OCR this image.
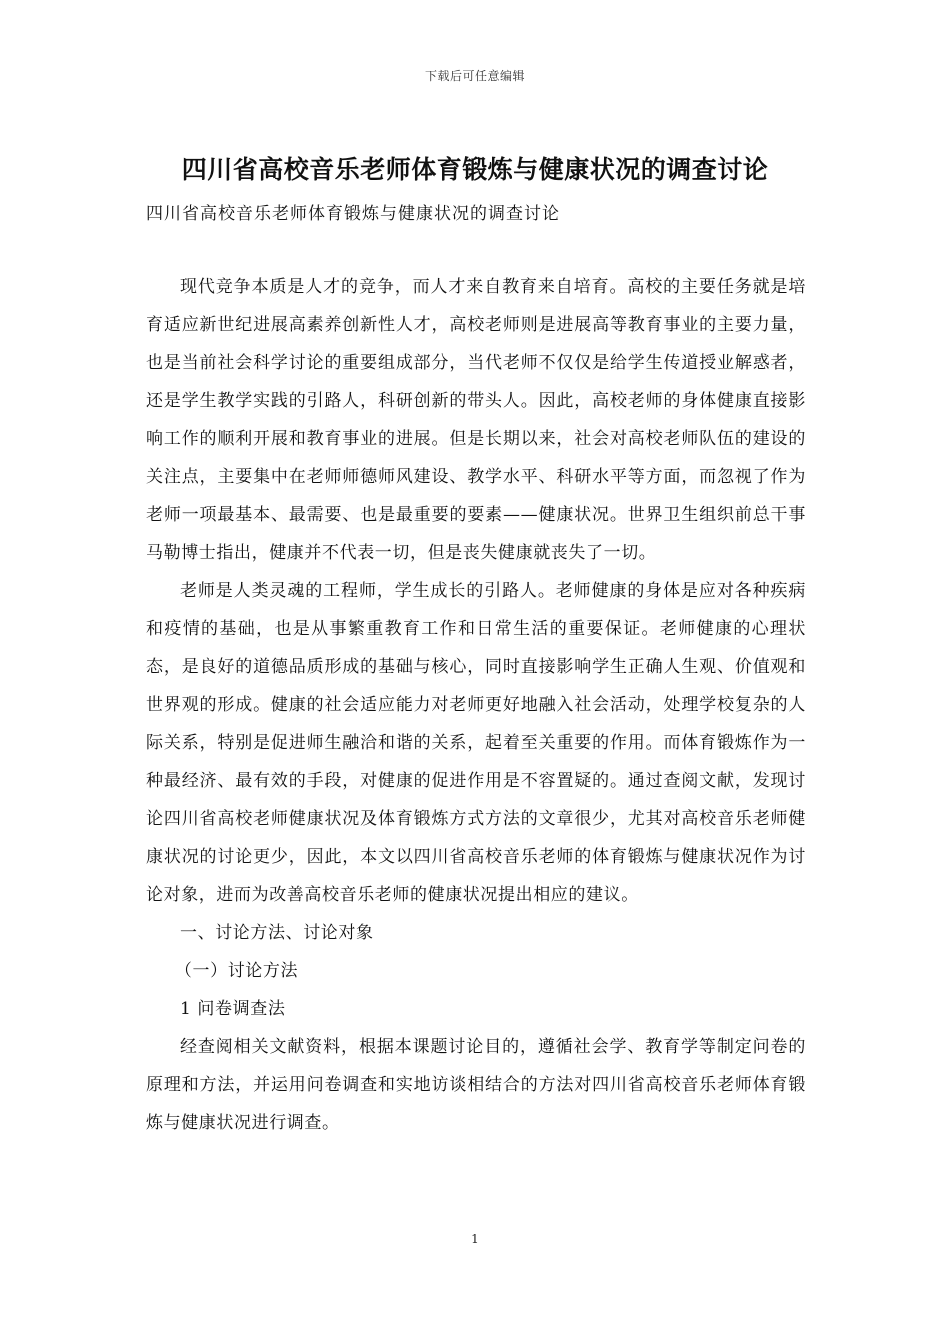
下载后可任意编辑
四川省高校音乐老师体育锻炼与健康状况的调查讨论
四川省高校音乐老师体育锻炼与健康状况的调查讨论

现代竞争本质是人才的竞争，而人才来自教育来自培育。高校的主要任务就是培育适应新世纪进展高素养创新性人才，高校老师则是进展高等教育事业的主要力量，也是当前社会科学讨论的重要组成部分，当代老师不仅仅是给学生传道授业解惑者，还是学生教学实践的引路人，科研创新的带头人。因此，高校老师的身体健康直接影响工作的顺利开展和教育事业的进展。但是长期以来，社会对高校老师队伍的建设的关注点，主要集中在老师师德师风建设、教学水平、科研水平等方面，而忽视了作为老师一项最基本、最需要、也是最重要的要素——健康状况。世界卫生组织前总干事马勒博士指出，健康并不代表一切，但是丧失健康就丧失了一切。

老师是人类灵魂的工程师，学生成长的引路人。老师健康的身体是应对各种疾病和疫情的基础，也是从事繁重教育工作和日常生活的重要保证。老师健康的心理状态，是良好的道德品质形成的基础与核心，同时直接影响学生正确人生观、价值观和世界观的形成。健康的社会适应能力对老师更好地融入社会活动，处理学校复杂的人际关系，特别是促进师生融洽和谐的关系，起着至关重要的作用。而体育锻炼作为一种最经济、最有效的手段，对健康的促进作用是不容置疑的。通过查阅文献，发现讨论四川省高校老师健康状况及体育锻炼方式方法的文章很少，尤其对高校音乐老师健康状况的讨论更少，因此，本文以四川省高校音乐老师的体育锻炼与健康状况作为讨论对象，进而为改善高校音乐老师的健康状况提出相应的建议。

一、讨论方法、讨论对象

（一）讨论方法

1 问卷调查法

经查阅相关文献资料，根据本课题讨论目的，遵循社会学、教育学等制定问卷的原理和方法，并运用问卷调查和实地访谈相结合的方法对四川省高校音乐老师体育锻炼与健康状况进行调查。

1
